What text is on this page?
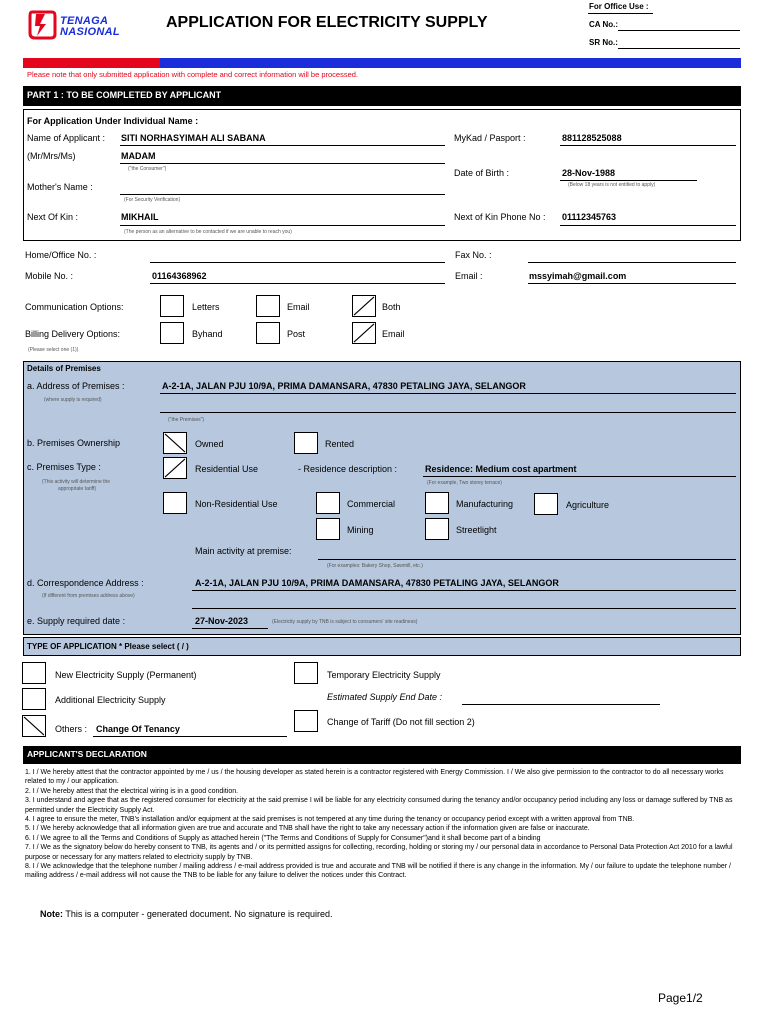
TENAGA
NASIONAL
APPLICATION FOR ELECTRICITY SUPPLY
For Office Use :
CA No.:
SR No.:
Please note that only submitted application with complete and correct information will be processed.
PART 1 : TO BE COMPLETED BY APPLICANT
For Application Under Individual Name :
Name of Applicant : SITI NORHASYIMAH ALI SABANA
(Mr/Mrs/Ms)	MADAM
("the Consumer")
Mother's Name :
(For Security Verification)
Next Of Kin :	MIKHAIL
(The person as an alternative to be contacted if we are unable to reach you)
MyKad / Pasport :	881128525088
Date of Birth :	28-Nov-1988
(Below 18 years is not entitled to apply)
Next of Kin Phone No : 01112345763
Home/Office No. :	Fax No. :
Mobile No. :	01164368962	Email :	mssyimah@gmail.com
Communication Options:	Letters	Email	Both
Billing Delivery Options:	Byhand	Post	Email
(Please select one (1))
Details of Premises
a. Address of Premises :	A-2-1A, JALAN PJU 10/9A, PRIMA DAMANSARA, 47830 PETALING JAYA, SELANGOR
(where supply is required)
("the Premises")
b. Premises Ownership	Owned	Rented
c. Premises Type :
(This activity will determine the
appropriate tariff)
Residential Use	- Residence description :	Residence: Medium cost apartment
(For example, Two storey terrace)
Non-Residential Use	Commercial	Manufacturing	Agriculture
Mining	Streetlight
Main activity at premise:
(For examples: Bakery Shop, Sawmill, etc.)
d. Correspondence Address :	A-2-1A, JALAN PJU 10/9A, PRIMA DAMANSARA, 47830 PETALING JAYA, SELANGOR
(If different from premises address above)
e. Supply required date :	27-Nov-2023	(Electricity supply by TNB is subject to consumers' site readiness)
TYPE OF APPLICATION * Please select ( / )
New Electricity Supply (Permanent)	Temporary Electricity Supply
Additional Electricity Supply	Estimated Supply End Date :
Others : Change Of Tenancy
Change of Tariff (Do not fill section 2)
APPLICANT'S DECLARATION

1. I / We hereby attest that the contractor appointed by me / us / the housing developer as stated herein is a contractor registered with Energy Commission. I / We also give permission to the contractor to do all necessary works related to my / our application.

2. I / We hereby attest that the electrical wiring is in a good condition.

3. I understand and agree that as the registered consumer for electricity at the said premise I will be liable for any electricity consumed during the tenancy and/or occupancy period including any loss or damage suffered by TNB as permitted under the Electricity Supply Act.

4. I agree to ensure the meter, TNB's installation and/or equipment at the said premises is not tempered at any time during the tenancy or occupancy period except with a written approval from TNB.

5. I / We hereby acknowledge that all information given are true and accurate and TNB shall have the right to take any necessary action if the information given are false or inaccurate.

6. I / We agree to all the Terms and Conditions of Supply as attached herein ("The Terms and Conditions of Supply for Consumer")and it shall become part of a binding

7. I / We as the signatory below do hereby consent to TNB, its agents and / or its permitted assigns for collecting, recording, holding or storing my / our personal data in accordance to Personal Data Protection Act 2010 for a lawful purpose or necessary for any matters related to electricity supply by TNB.

8. I / We acknowledge that the telephone number / mailing address / e-mail address provided is true and accurate and TNB will be notified if there is any change in the information. My / our failure to update the telephone number / mailing address / e-mail address will not cause the TNB to be liable for any failure to deliver the notices under this Contract.

Note: This is a computer - generated document. No signature is required.
Page1/2
